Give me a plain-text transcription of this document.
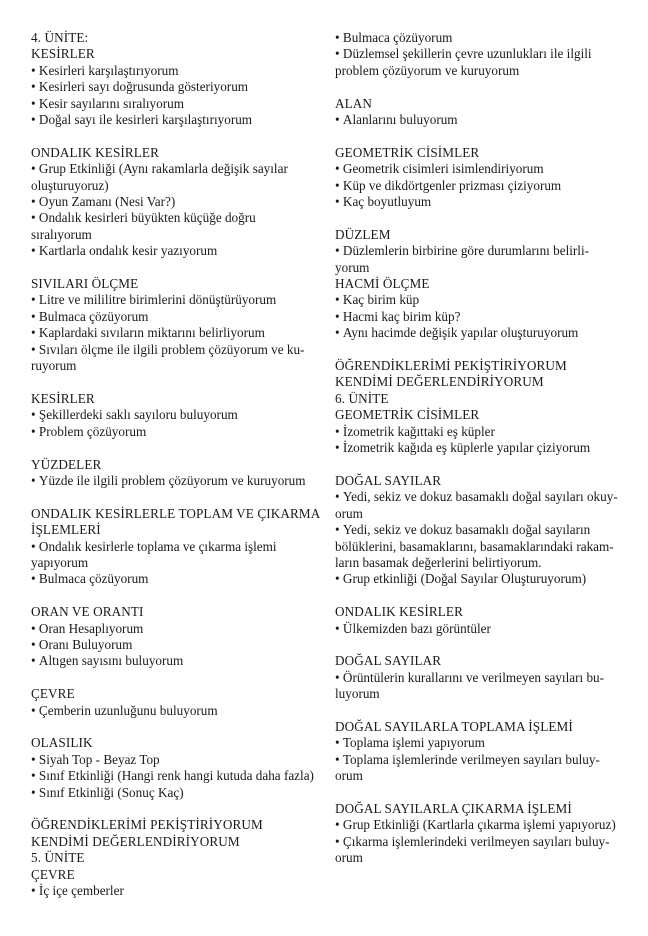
4. ÜNİTE:
KESİRLER
• Kesirleri karşılaştırıyorum
• Kesirleri sayı doğrusunda gösteriyorum
• Kesir sayılarını sıralıyorum
• Doğal sayı ile kesirleri karşılaştırıyorum
ONDALIK KESİRLER
• Grup Etkinliği (Aynı rakamlarla değişik sayılar
oluşturuyoruz)
• Oyun Zamanı (Nesi Var?)
• Ondalık kesirleri büyükten küçüğe doğru
sıralıyorum
• Kartlarla ondalık kesir yazıyorum
SIVILARI ÖLÇME
• Litre ve mililitre birimlerini dönüştürüyorum
• Bulmaca çözüyorum
• Kaplardaki sıvıların miktarını belirliyorum
• Sıvıları ölçme ile ilgili problem çözüyorum ve ku-
ruyorum
KESİRLER
• Şekillerdeki saklı sayıloru buluyorum
• Problem çözüyorum
YÜZDELER
• Yüzde ile ilgili problem çözüyorum ve kuruyorum
ONDALIK KESİRLERLE TOPLAM VE ÇIKARMA
İŞLEMLERİ
• Ondalık kesirlerle toplama ve çıkarma işlemi
yapıyorum
• Bulmaca çözüyorum
ORAN VE ORANTI
• Oran Hesaplıyorum
• Oranı Buluyorum
• Altıgen sayısını buluyorum
ÇEVRE
• Çemberin uzunluğunu buluyorum
OLASILIK
• Siyah Top - Beyaz Top
• Sınıf Etkinliği (Hangi renk hangi kutuda daha fazla)
• Sınıf Etkinliği (Sonuç Kaç)
ÖĞRENDİKLERİMİ PEKİŞTİRİYORUM
KENDİMİ DEĞERLENDİRİYORUM
5. ÜNİTE
ÇEVRE
• İç içe çemberler
• Bulmaca çözüyorum
• Düzlemsel şekillerin çevre uzunlukları ile ilgili
problem çözüyorum ve kuruyorum
ALAN
• Alanlarını buluyorum
GEOMETRİK CİSİMLER
• Geometrik cisimleri isimlendiriyorum
• Küp ve dikdörtgenler prizması çiziyorum
• Kaç boyutluyum
DÜZLEM
• Düzlemlerin birbirine göre durumlarını belirli-
yorum
HACMİ ÖLÇME
• Kaç birim küp
• Hacmi kaç birim küp?
• Aynı hacimde değişik yapılar oluşturuyorum
ÖĞRENDİKLERİMİ PEKİŞTİRİYORUM
KENDİMİ DEĞERLENDİRİYORUM
6. ÜNİTE
GEOMETRİK CİSİMLER
• İzometrik kağıttaki eş küpler
• İzometrik kağıda eş küplerle yapılar çiziyorum
DOĞAL SAYILAR
• Yedi, sekiz ve dokuz basamaklı doğal sayıları okuy-
orum
• Yedi, sekiz ve dokuz basamaklı doğal sayıların
bölüklerini, basamaklarını, basamaklarındaki rakam-
ların basamak değerlerini belirtiyorum.
• Grup etkinliği (Doğal Sayılar Oluşturuyorum)
ONDALIK KESİRLER
• Ülkemizden bazı görüntüler
DOĞAL SAYILAR
• Örüntülerin kurallarını ve verilmeyen sayıları bu-
luyorum
DOĞAL SAYILARLA TOPLAMA İŞLEMİ
• Toplama işlemi yapıyorum
• Toplama işlemlerinde verilmeyen sayıları buluy-
orum
DOĞAL SAYILARLA ÇIKARMA İŞLEMİ
• Grup Etkinliği (Kartlarla çıkarma işlemi yapıyoruz)
• Çıkarma işlemlerindeki verilmeyen sayıları buluy-
orum
